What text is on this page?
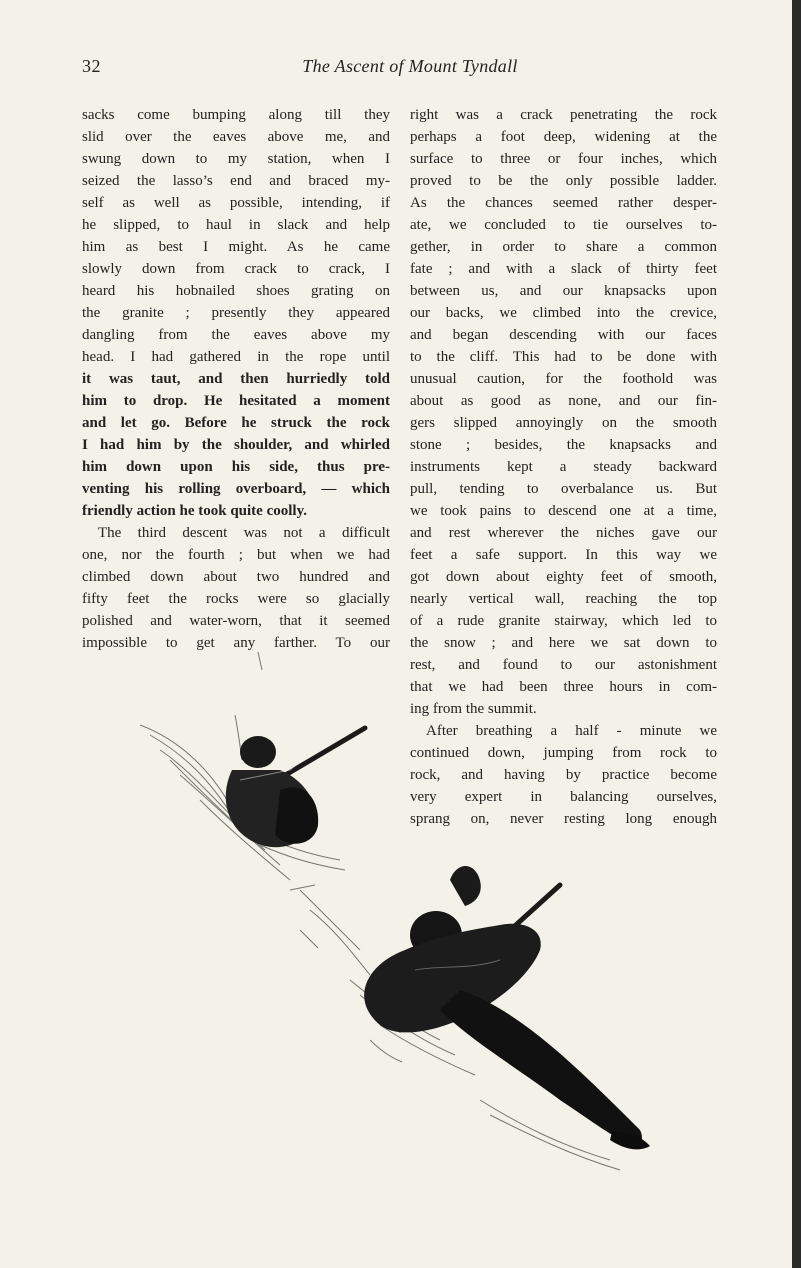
32	The Ascent of Mount Tyndall
sacks come bumping along till they
slid over the eaves above me, and
swung down to my station, when I
seized the lasso’s end and braced my-
self as well as possible, intending, if
he slipped, to haul in slack and help
him as best I might. As he came
slowly down from crack to crack, I
heard his hobnailed shoes grating on
the granite ; presently they appeared
dangling from the eaves above my
head. I had gathered in the rope until
it was taut, and then hurriedly told
him to drop. He hesitated a moment
and let go. Before he struck the rock
I had him by the shoulder, and whirled
him down upon his side, thus pre-
venting his rolling overboard, — which
friendly action he took quite coolly.
The third descent was not a difficult
one, nor the fourth ; but when we had
climbed down about two hundred and
fifty feet the rocks were so glacially
polished and water-worn, that it seemed
impossible to get any farther. To our
right was a crack penetrating the rock
perhaps a foot deep, widening at the
surface to three or four inches, which
proved to be the only possible ladder.
As the chances seemed rather desper-
ate, we concluded to tie ourselves to-
gether, in order to share a common
fate ; and with a slack of thirty feet
between us, and our knapsacks upon
our backs, we climbed into the crevice,
and began descending with our faces
to the cliff. This had to be done with
unusual caution, for the foothold was
about as good as none, and our fin-
gers slipped annoyingly on the smooth
stone ; besides, the knapsacks and
instruments kept a steady backward
pull, tending to overbalance us. But
we took pains to descend one at a time,
and rest wherever the niches gave our
feet a safe support. In this way we
got down about eighty feet of smooth,
nearly vertical wall, reaching the top
of a rude granite stairway, which led to
the snow ; and here we sat down to
rest, and found to our astonishment
that we had been three hours in com-
ing from the summit.
After breathing a half - minute we
continued down, jumping from rock to
rock, and having by practice become
very expert in balancing ourselves,
sprang on, never resting long enough
